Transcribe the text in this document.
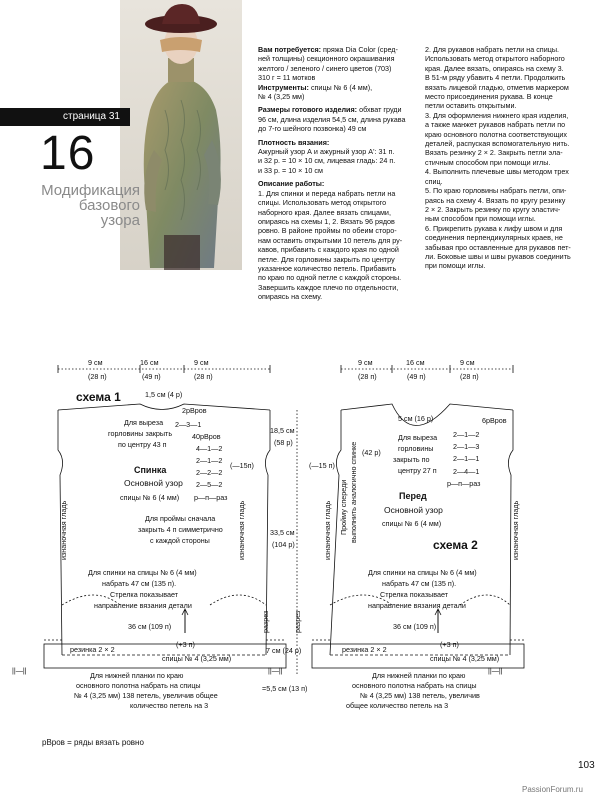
страница 31
16
Модификация
базового
узора

Вам потребуется: пряжа Dia Color (сред-

ней толщины) секционного окрашивания

желтого / зеленого / синего цветов (703)

310 г = 11 мотков

Инструменты: спицы № 6 (4 мм),

№ 4 (3,25 мм)

Размеры готового изделия: обхват груди

96 см, длина изделия 54,5 см, длина рукава

до 7-го шейного позвонка) 49 см

Плотность вязания:

Ажурный узор А и ажурный узор А': 31 п.

и 32 р. = 10 × 10 см, лицевая гладь: 24 п.

и 33 р. = 10 × 10 см

Описание работы:

1. Для спинки и переда набрать петли на

спицы. Использовать метод открытого

наборного края. Далее вязать спицами,

опираясь на схемы 1, 2. Вязать 96 рядов

ровно. В районе проймы по обеим сторо-

нам оставить открытыми 10 петель для ру-

кавов, прибавить с каждого края по одной

петле. Для горловины закрыть по центру

указанное количество петель. Прибавить

по краю по одной петле с каждой стороны.

Завершить каждое плечо по отдельности,

опираясь на схему.

2. Для рукавов набрать петли на спицы.

Использовать метод открытого наборного

края. Далее вязать, опираясь на схему 3.

В 51-м ряду убавить 4 петли. Продолжить

вязать лицевой гладью, отметив маркером

место присоединения рукава. В конце

петли оставить открытыми.

3. Для оформления нижнего края изделия,

а также манжет рукавов набрать петли по

краю основного полотна соответствующих

деталей, распуская вспомогательную нить.

Вязать резинку 2 × 2. Закрыть петли эла-

стичным способом при помощи иглы.

4. Выполнить плечевые швы методом трех

спиц.

5. По краю горловины набрать петли, опи-

раясь на схему 4. Вязать по кругу резинку

2 × 2. Закрыть резинку по кругу эластич-

ным способом при помощи иглы.

6. Прикрепить рукава к лифу швом и для

соединения перпендикулярных краев, не

забывая про оставленные для рукавов пет-

ли. Боковые швы и швы рукавов соединить

при помощи иглы.

9 см
(28 п)
16 см
(49 п)
9 см
(28 п)
схема 1	1,5 см (4 р)
2рВров
2—3—1
40рВров
4—1—2
2—1—2
2—2—2
2—5—2
р—п—раз
Для выреза
горловины закрыть
по центру 43 п
Спинка
Основной узор
спицы № 6 (4 мм)
(—15п)
Для проймы сначала
закрыть 4 п симметрично
с каждой стороны
Для спинки на спицы № 6 (4 мм)
набрать 47 см (135 п).
Стрелка показывает
направление вязания детали
36 см (109 п)
(+3 п)
резинка 2 × 2
спицы № 4 (3,25 мм)
Для нижней планки по краю
основного полотна набрать на спицы
№ 4 (3,25 мм) 138 петель, увеличив общее
количество петель на 3
18,5 см
(58 р)
33,5 см
(104 р)
7 см (24 р)
=5,5 см (13 п)
||—||	||—||
изнаночная гладь	изнаночная гладь
разрез
9 см
(28 п)
16 см
(49 п)
9 см
(28 п)
5 см (16 р)	6рВров
2—1—2
2—1—3
2—1—1
2—4—1
р—п—раз
(42 р)
Для выреза
горловины
закрыть по
центру 27 п
Перед
Основной узор
спицы № 6 (4 мм)
(—15 п)
Пройму спереди выполнить аналогично спинке
схема 2
Для спинки на спицы № 6 (4 мм)
набрать 47 см (135 п).
Стрелка показывает
направление вязания детали
36 см (109 п)
(+3 п)
резинка 2 × 2
спицы № 4 (3,25 мм)
Для нижней планки по краю
основного полотна набрать на спицы
№ 4 (3,25 мм) 138 петель, увеличив
общее количество петель на 3
||—||
изнаночная гладь	изнаночная гладь
разрез
рВров = ряды вязать ровно
103
PassionForum.ru
